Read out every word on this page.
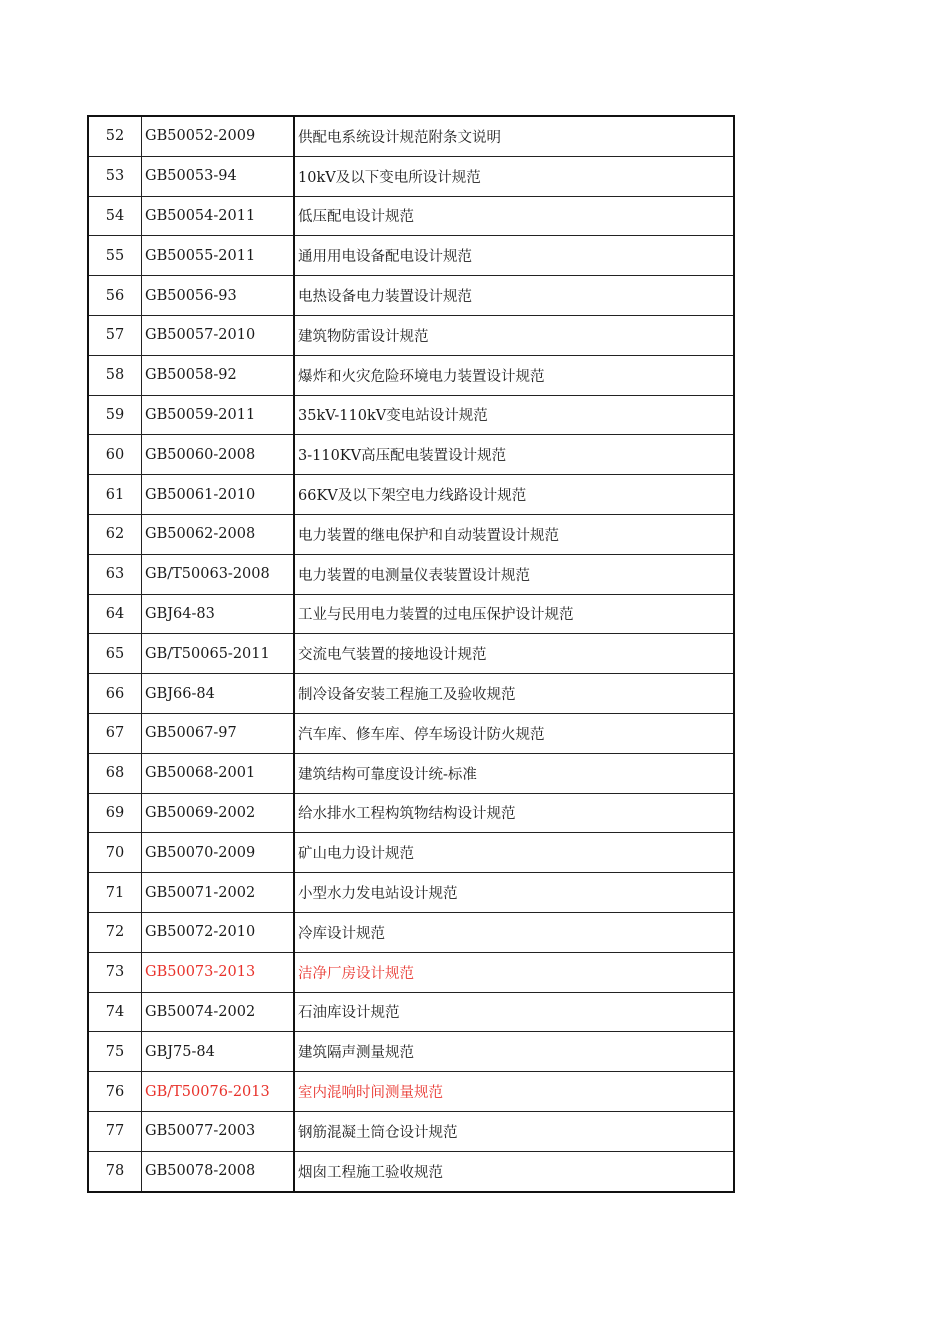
52	GB50052-2009	供配电系统设计规范附条文说明
53	GB50053-94	10kV及以下变电所设计规范
54	GB50054-2011	低压配电设计规范
55	GB50055-2011	通用用电设备配电设计规范
56	GB50056-93	电热设备电力装置设计规范
57	GB50057-2010	建筑物防雷设计规范
58	GB50058-92	爆炸和火灾危险环境电力装置设计规范
59	GB50059-2011	35kV-110kV变电站设计规范
60	GB50060-2008	3-110KV高压配电装置设计规范
61	GB50061-2010	66KV及以下架空电力线路设计规范
62	GB50062-2008	电力装置的继电保护和自动装置设计规范
63	GB/T50063-2008	电力装置的电测量仪表装置设计规范
64	GBJ64-83	工业与民用电力装置的过电压保护设计规范
65	GB/T50065-2011	交流电气装置的接地设计规范
66	GBJ66-84	制冷设备安装工程施工及验收规范
67	GB50067-97	汽车库、修车库、停车场设计防火规范
68	GB50068-2001	建筑结构可靠度设计统-标准
69	GB50069-2002	给水排水工程构筑物结构设计规范
70	GB50070-2009	矿山电力设计规范
71	GB50071-2002	小型水力发电站设计规范
72	GB50072-2010	冷库设计规范
73	GB50073-2013	洁净厂房设计规范
74	GB50074-2002	石油库设计规范
75	GBJ75-84	建筑隔声测量规范
76	GB/T50076-2013	室内混响时间测量规范
77	GB50077-2003	钢筋混凝土筒仓设计规范
78	GB50078-2008	烟囱工程施工验收规范
